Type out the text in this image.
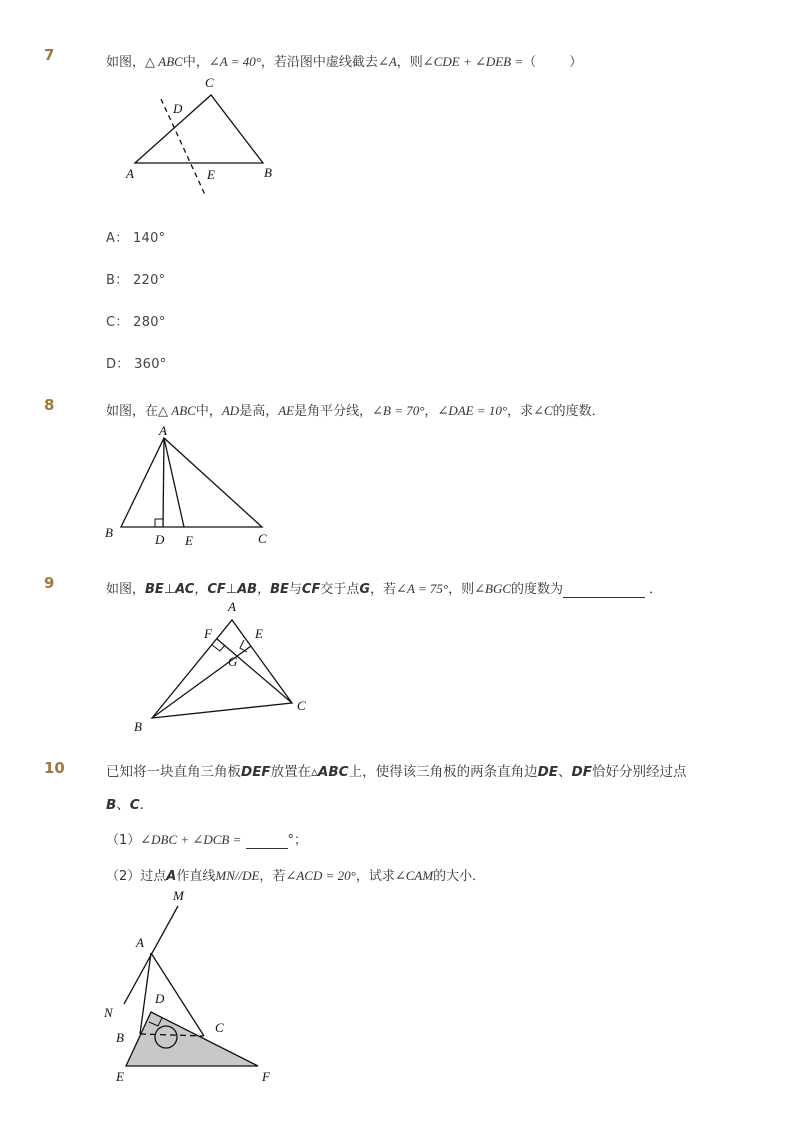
7	如图，△ ABC中，∠A = 40°，若沿图中虚线截去∠A，则∠CDE + ∠DEB =（        ）
C
D
A	E	B
A： 140°
B： 220°
C： 280°
D： 360°
8	如图，在△ ABC中，AD是高，AE是角平分线，∠B = 70°，∠DAE = 10°，求∠C的度数．
A
B	D E	C
9	如图，BE⊥AC，CF⊥AB，BE与CF交于点G，若∠A = 75°，则∠BGC的度数为	．
A
F	E
G
B
C
10	已知将一块直角三角板DEF放置在▵ABC上，使得该三角板的两条直角边DE、DF恰好分别经过点
B、C．
（1）∠DBC + ∠DCB =	°；
（2）过点A作直线MN//DE，若∠ACD = 20°，试求∠CAM的大小．
M
A
N
D
B
C
E	F
